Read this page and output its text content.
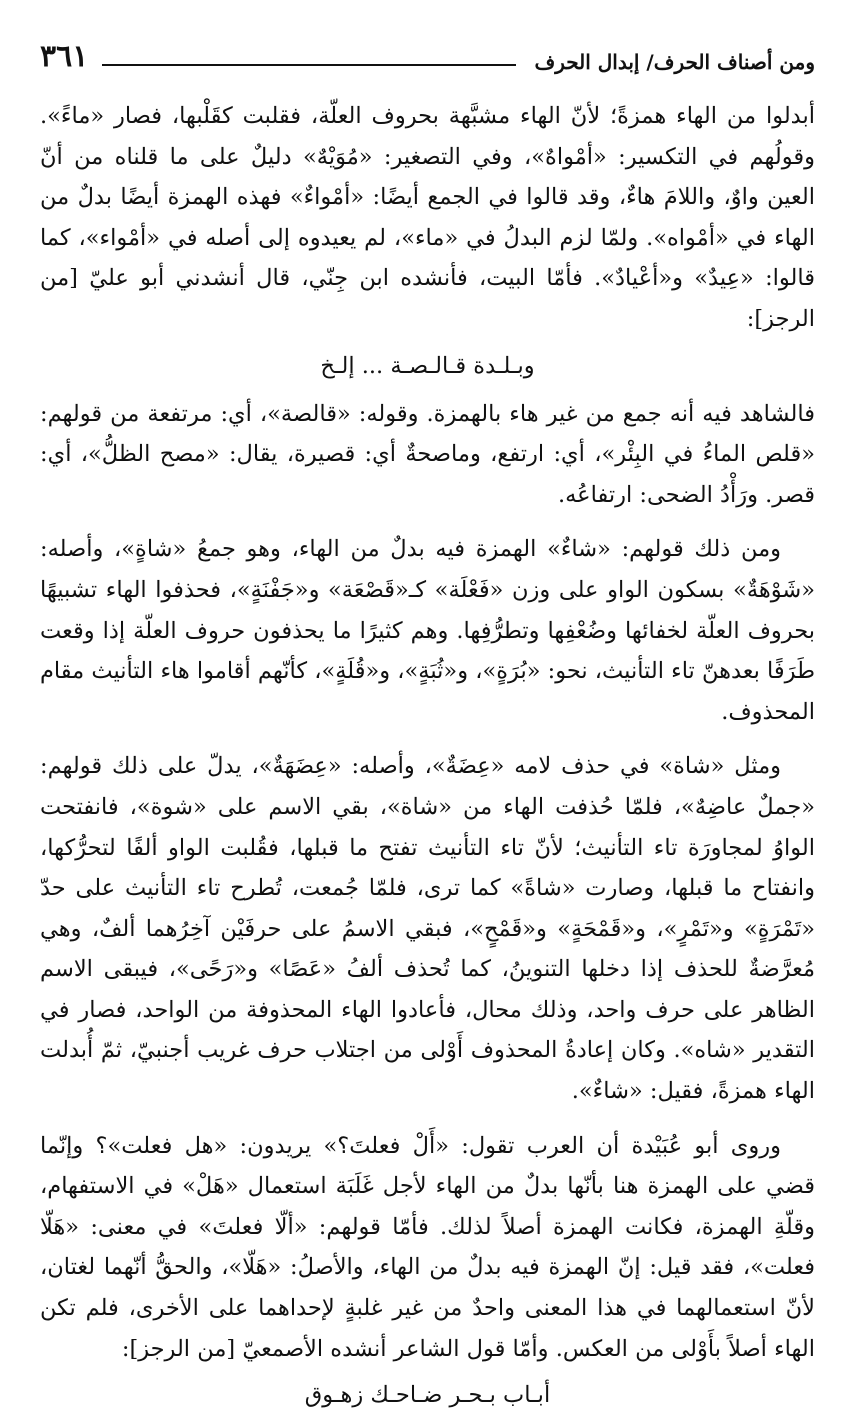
ومن أصناف الحرف/ إبدال الحرف
٣٦١

أبدلوا من الهاء همزةً؛ لأنّ الهاء مشبَّهة بحروف العلّة، فقلبت كقَلْبها، فصار «ماءً». وقولُهم في التكسير: «أمْواهٌ»، وفي التصغير: «مُوَيْهٌ» دليلٌ على ما قلناه من أنّ العين واوٌ، واللامَ هاءٌ، وقد قالوا في الجمع أيضًا: «أمْواءٌ» فهذه الهمزة أيضًا بدلٌ من الهاء في «أمْواه». ولمّا لزم البدلُ في «ماء»، لم يعيدوه إلى أصله في «أمْواء»، كما قالوا: «عِيدٌ» و«أعْيادٌ». فأمّا البيت، فأنشده ابن جِنّي، قال أنشدني أبو عليّ [من الرجز]:

وبـلـدة قـالـصـة ... إلـخ

فالشاهد فيه أنه جمع من غير هاء بالهمزة. وقوله: «قالصة»، أي: مرتفعة من قولهم: «قلص الماءُ في البِئْر»، أي: ارتفع، وماصحةٌ أي: قصيرة، يقال: «مصح الظلُّ»، أي: قصر. ورَأْدُ الضحى: ارتفاعُه.

ومن ذلك قولهم: «شاءٌ» الهمزة فيه بدلٌ من الهاء، وهو جمعُ «شاةٍ»، وأصله: «شَوْهَةٌ» بسكون الواو على وزن «فَعْلَة» كـ«قَصْعَة» و«جَفْنَةٍ»، فحذفوا الهاء تشبيهًا بحروف العلّة لخفائها وضُعْفِها وتطرُّفِها. وهم كثيرًا ما يحذفون حروف العلّة إذا وقعت طَرَفًا بعدهنّ تاء التأنيث، نحو: «بُرَةٍ»، و«ثُبَةٍ»، و«قُلَةٍ»، كأنّهم أقاموا هاء التأنيث مقام المحذوف.

ومثل «شاة» في حذف لامه «عِضَةٌ»، وأصله: «عِضَهَةٌ»، يدلّ على ذلك قولهم: «جملٌ عاضِهٌ»، فلمّا حُذفت الهاء من «شاة»، بقي الاسم على «شوة»، فانفتحت الواوُ لمجاورَة تاء التأنيث؛ لأنّ تاء التأنيث تفتح ما قبلها، فقُلبت الواو ألفًا لتحرُّكها، وانفتاح ما قبلها، وصارت «شاةً» كما ترى، فلمّا جُمعت، تُطرح تاء التأنيث على حدّ «تَمْرَةٍ» و«تَمْرٍ»، و«قَمْحَةٍ» و«قَمْحٍ»، فبقي الاسمُ على حرفَيْن آخِرُهما ألفٌ، وهي مُعرَّضةٌ للحذف إذا دخلها التنوينُ، كما تُحذف ألفُ «عَصًا» و«رَحًى»، فيبقى الاسم الظاهر على حرف واحد، وذلك محال، فأعادوا الهاء المحذوفة من الواحد، فصار في التقدير «شاه». وكان إعادةُ المحذوف أَوْلى من اجتلاب حرف غريب أجنبيّ، ثمّ أُبدلت الهاء همزةً، فقيل: «شاءٌ».

وروى أبو عُبَيْدة أن العرب تقول: «أَلْ فعلتَ؟» يريدون: «هل فعلت»؟ وإنّما قضي على الهمزة هنا بأنّها بدلٌ من الهاء لأجل غَلَبَة استعمال «هَلْ» في الاستفهام، وقلّةِ الهمزة، فكانت الهمزة أصلاً لذلك. فأمّا قولهم: «ألّا فعلتَ» في معنى: «هَلّا فعلت»، فقد قيل: إنّ الهمزة فيه بدلٌ من الهاء، والأصلُ: «هَلّا»، والحقُّ أنّهما لغتان، لأنّ استعمالهما في هذا المعنى واحدٌ من غير غلبةٍ لإحداهما على الأخرى، فلم تكن الهاء أصلاً بأَوْلى من العكس. وأمّا قول الشاعر أنشده الأصمعيّ [من الرجز]:

أبـاب بـحـر ضـاحـك زهـوق
